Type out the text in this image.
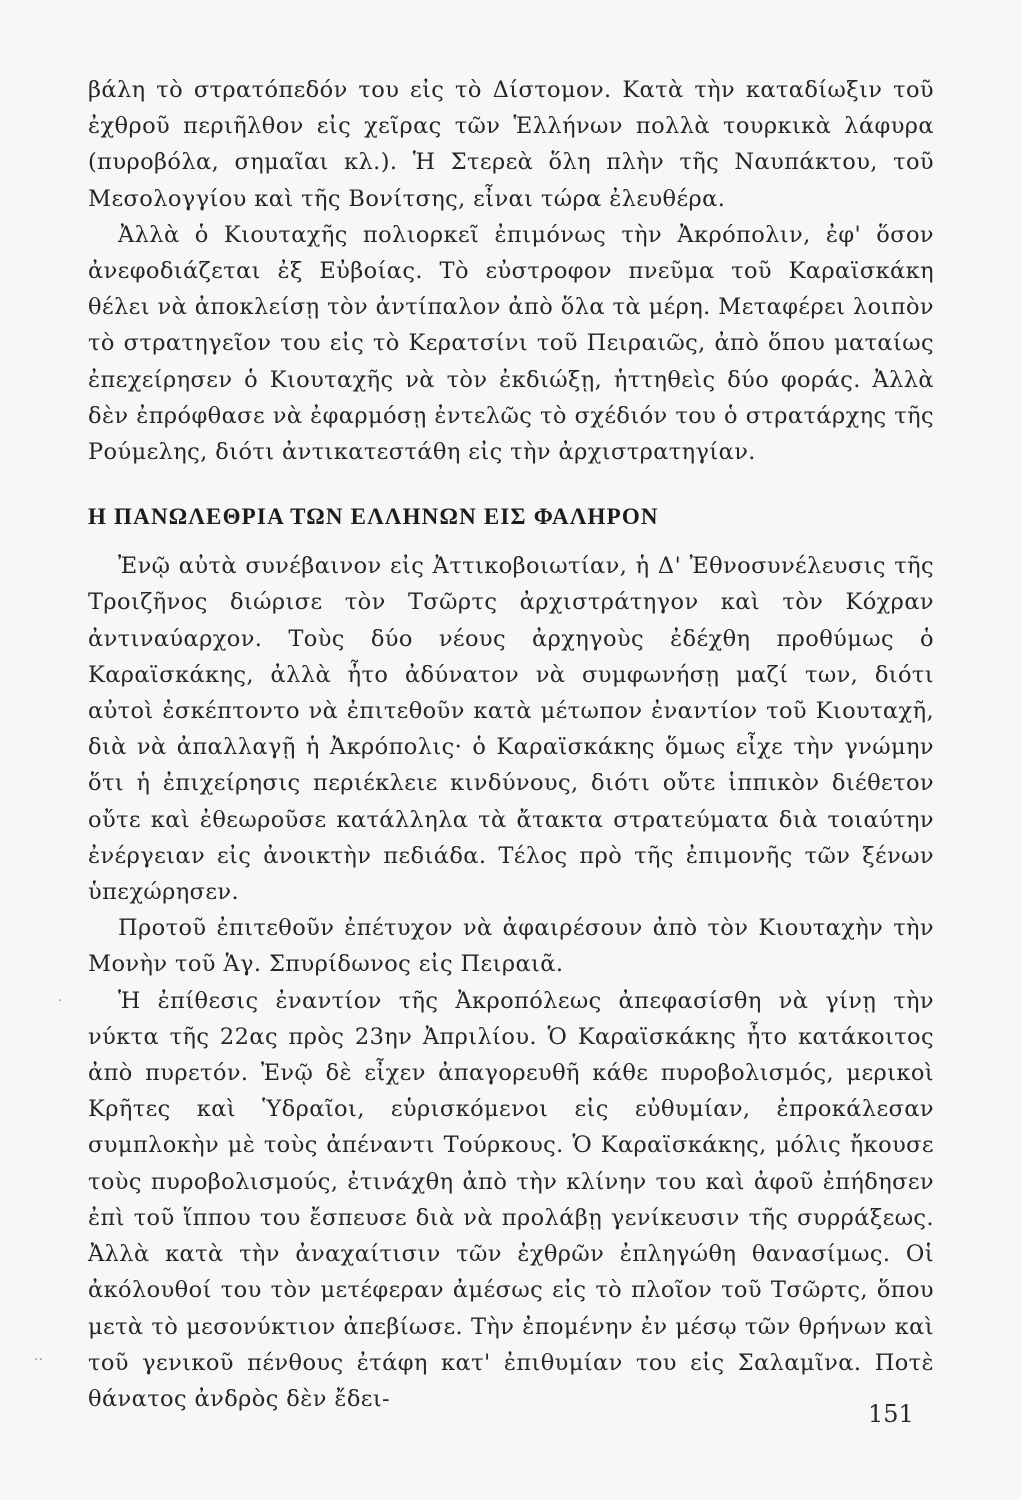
βάλη τὸ στρατόπεδόν του εἰς τὸ Δίστομον. Κατὰ τὴν καταδίωξιν τοῦ ἐχθροῦ περιῆλθον εἰς χεῖρας τῶν Ἑλλήνων πολλὰ τουρκικὰ λάφυρα (πυροβόλα, σημαῖαι κλ.). Ἡ Στερεὰ ὅλη πλὴν τῆς Ναυπάκτου, τοῦ Μεσολογγίου καὶ τῆς Βονίτσης, εἶναι τώρα ἐλευθέρα.

Ἀλλὰ ὁ Κιουταχῆς πολιορκεῖ ἐπιμόνως τὴν Ἀκρόπολιν, ἐφ' ὅσον ἀνεφοδιάζεται ἐξ Εὐβοίας. Τὸ εὐστροφον πνεῦμα τοῦ Καραϊσκάκη θέλει νὰ ἀποκλείσῃ τὸν ἀντίπαλον ἀπὸ ὅλα τὰ μέρη. Μεταφέρει λοιπὸν τὸ στρατηγεῖον του εἰς τὸ Κερατσίνι τοῦ Πειραιῶς, ἀπὸ ὅπου ματαίως ἐπεχείρησεν ὁ Κιουταχῆς νὰ τὸν ἐκδιώξῃ, ἡττηθεὶς δύο φοράς. Ἀλλὰ δὲν ἐπρόφθασε νὰ ἐφαρμόσῃ ἐντελῶς τὸ σχέδιόν του ὁ στρατάρχης τῆς Ρούμελης, διότι ἀντικατεστάθη εἰς τὴν ἀρχιστρατηγίαν.

Η ΠΑΝΩΛΕΘΡΙΑ ΤΩΝ ΕΛΛΗΝΩΝ ΕΙΣ ΦΑΛΗΡΟΝ

Ἐνῷ αὐτὰ συνέβαινον εἰς Ἀττικοβοιωτίαν, ἡ Δ' Ἐθνοσυνέλευσις τῆς Τροιζῆνος διώρισε τὸν Τσῶρτς ἀρχιστράτηγον καὶ τὸν Κόχραν ἀντιναύαρχον. Τοὺς δύο νέους ἀρχηγοὺς ἐδέχθη προθύμως ὁ Καραϊσκάκης, ἀλλὰ ἦτο ἀδύνατον νὰ συμφωνήσῃ μαζί των, διότι αὐτοὶ ἐσκέπτοντο νὰ ἐπιτεθοῦν κατὰ μέτωπον ἐναντίον τοῦ Κιουταχῆ, διὰ νὰ ἀπαλλαγῇ ἡ Ἀκρόπολις· ὁ Καραϊσκάκης ὅμως εἶχε τὴν γνώμην ὅτι ἡ ἐπιχείρησις περιέκλειε κινδύνους, διότι οὔτε ἱππικὸν διέθετον οὔτε καὶ ἐθεωροῦσε κατάλληλα τὰ ἄτακτα στρατεύματα διὰ τοιαύτην ἐνέργειαν εἰς ἀνοικτὴν πεδιάδα. Τέλος πρὸ τῆς ἐπιμονῆς τῶν ξένων ὑπεχώρησεν.

Προτοῦ ἐπιτεθοῦν ἐπέτυχον νὰ ἀφαιρέσουν ἀπὸ τὸν Κιουταχὴν τὴν Μονὴν τοῦ Ἁγ. Σπυρίδωνος εἰς Πειραιᾶ.

Ἡ ἐπίθεσις ἐναντίον τῆς Ἀκροπόλεως ἀπεφασίσθη νὰ γίνῃ τὴν νύκτα τῆς 22ας πρὸς 23ην Ἀπριλίου. Ὁ Καραϊσκάκης ἦτο κατάκοιτος ἀπὸ πυρετόν. Ἐνῷ δὲ εἶχεν ἀπαγορευθῆ κάθε πυροβολισμός, μερικοὶ Κρῆτες καὶ Ὑδραῖοι, εὑρισκόμενοι εἰς εὐθυμίαν, ἐπροκάλεσαν συμπλοκὴν μὲ τοὺς ἀπέναντι Τούρκους. Ὁ Καραϊσκάκης, μόλις ἤκουσε τοὺς πυροβολισμούς, ἐτινάχθη ἀπὸ τὴν κλίνην του καὶ ἀφοῦ ἐπήδησεν ἐπὶ τοῦ ἵππου του ἔσπευσε διὰ νὰ προλάβῃ γενίκευσιν τῆς συρράξεως. Ἀλλὰ κατὰ τὴν ἀναχαίτισιν τῶν ἐχθρῶν ἐπληγώθη θανασίμως. Οἱ ἀκόλουθοί του τὸν μετέφεραν ἀμέσως εἰς τὸ πλοῖον τοῦ Τσῶρτς, ὅπου μετὰ τὸ μεσονύκτιον ἀπεβίωσε. Τὴν ἐπομένην ἐν μέσῳ τῶν θρήνων καὶ τοῦ γενικοῦ πένθους ἐτάφη κατ' ἐπιθυμίαν του εἰς Σαλαμῖνα. Ποτὲ θάνατος ἀνδρὸς δὲν ἔδει-

151
·
··
